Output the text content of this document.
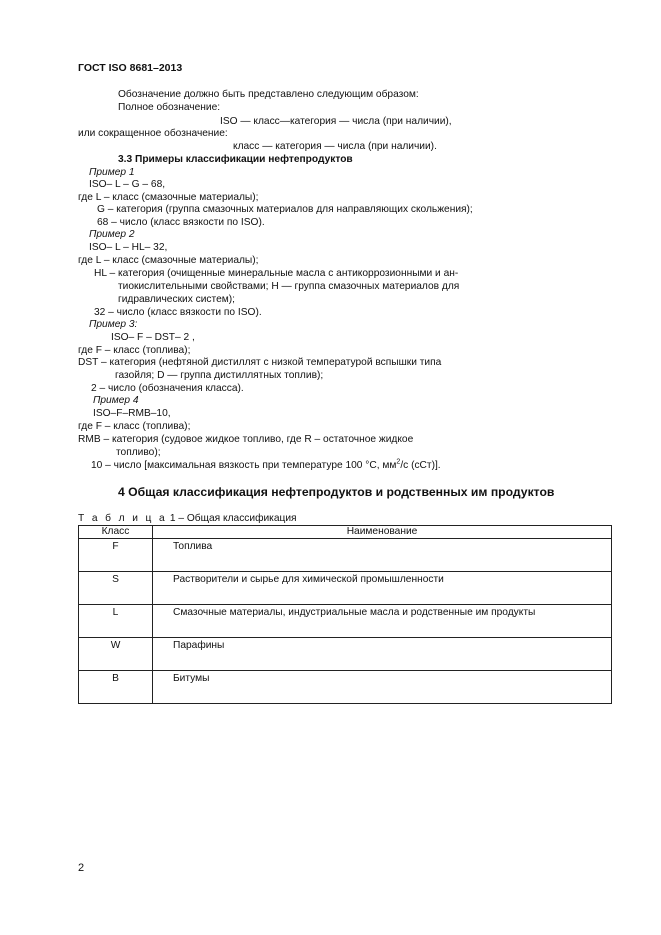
ГОСТ ISO 8681–2013
Обозначение должно быть представлено следующим образом:
Полное обозначение:
ISO — класс—категория — числа (при наличии),
или сокращенное обозначение:
класс — категория — числа (при наличии).
3.3 Примеры классификации нефтепродуктов
Пример 1
ISO– L – G – 68,
где L – класс (смазочные материалы);
G – категория (группа смазочных материалов для направляющих скольжения);
68 – число (класс вязкости по ISO).
Пример 2
ISO– L – HL– 32,
где L – класс (смазочные материалы);
HL – категория (очищенные минеральные масла с антикоррозионными и ан-
тиокислительными свойствами; H — группа смазочных материалов для
гидравлических систем);
32 – число (класс вязкости по ISO).
Пример 3:
ISO– F – DST– 2 ,
где F – класс (топлива);
DST – категория (нефтяной дистиллят с низкой температурой вспышки типа
газойля; D — группа дистиллятных топлив);
2 – число (обозначения класса).
Пример 4
ISO–F–RMB–10,
где F – класс (топлива);
RMB – категория (судовое жидкое топливо, где R – остаточное жидкое
топливо);
10 – число [максимальная вязкость при температуре 100 °C, $мм^2/с$ (сСт)].
4 Общая классификация нефтепродуктов и родственных им продуктов
Т а б л и ц а 1 – Общая классификация
Класс	Наименование
F	Топлива
S	Растворители и сырье для химической промышленности
L	Смазочные материалы, индустриальные масла и родственные им продукты
W	Парафины
B	Битумы
2
